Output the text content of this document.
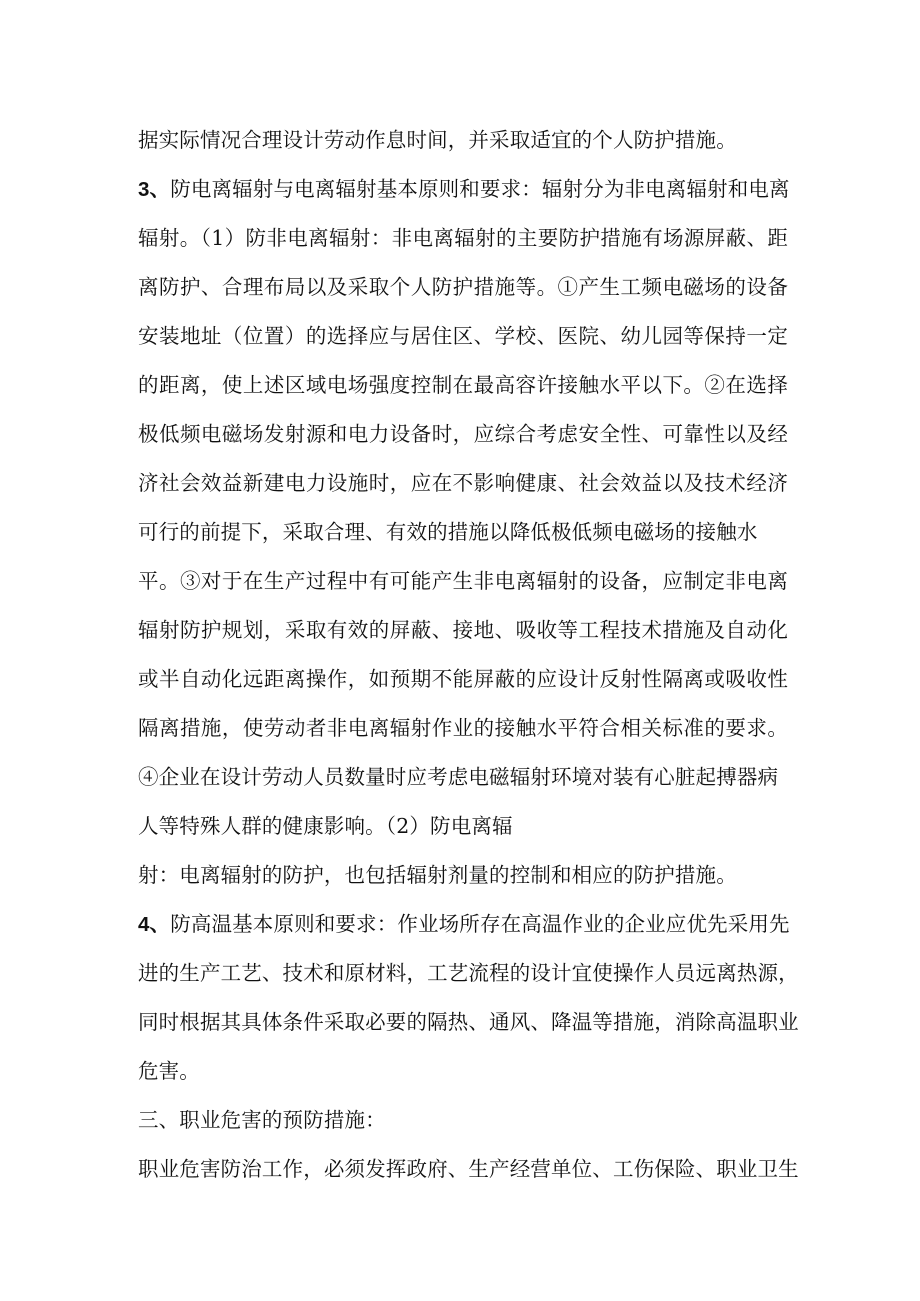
据实际情况合理设计劳动作息时间，并采取适宜的个人防护措施。
3、防电离辐射与电离辐射基本原则和要求：辐射分为非电离辐射和电离
辐射。（1）防非电离辐射：非电离辐射的主要防护措施有场源屏蔽、距
离防护、合理布局以及采取个人防护措施等。①产生工频电磁场的设备
安装地址（位置）的选择应与居住区、学校、医院、幼儿园等保持一定
的距离，使上述区域电场强度控制在最高容许接触水平以下。②在选择
极低频电磁场发射源和电力设备时，应综合考虑安全性、可靠性以及经
济社会效益新建电力设施时，应在不影响健康、社会效益以及技术经济
可行的前提下，采取合理、有效的措施以降低极低频电磁场的接触水
平。③对于在生产过程中有可能产生非电离辐射的设备，应制定非电离
辐射防护规划，采取有效的屏蔽、接地、吸收等工程技术措施及自动化
或半自动化远距离操作，如预期不能屏蔽的应设计反射性隔离或吸收性
隔离措施，使劳动者非电离辐射作业的接触水平符合相关标准的要求。
④企业在设计劳动人员数量时应考虑电磁辐射环境对装有心脏起搏器病
人等特殊人群的健康影响。（2）防电离辐
射：电离辐射的防护，也包括辐射剂量的控制和相应的防护措施。
4、防高温基本原则和要求：作业场所存在高温作业的企业应优先采用先
进的生产工艺、技术和原材料，工艺流程的设计宜使操作人员远离热源，
同时根据其具体条件采取必要的隔热、通风、降温等措施，消除高温职业
危害。
三、职业危害的预防措施：
职业危害防治工作，必须发挥政府、生产经营单位、工伤保险、职业卫生
